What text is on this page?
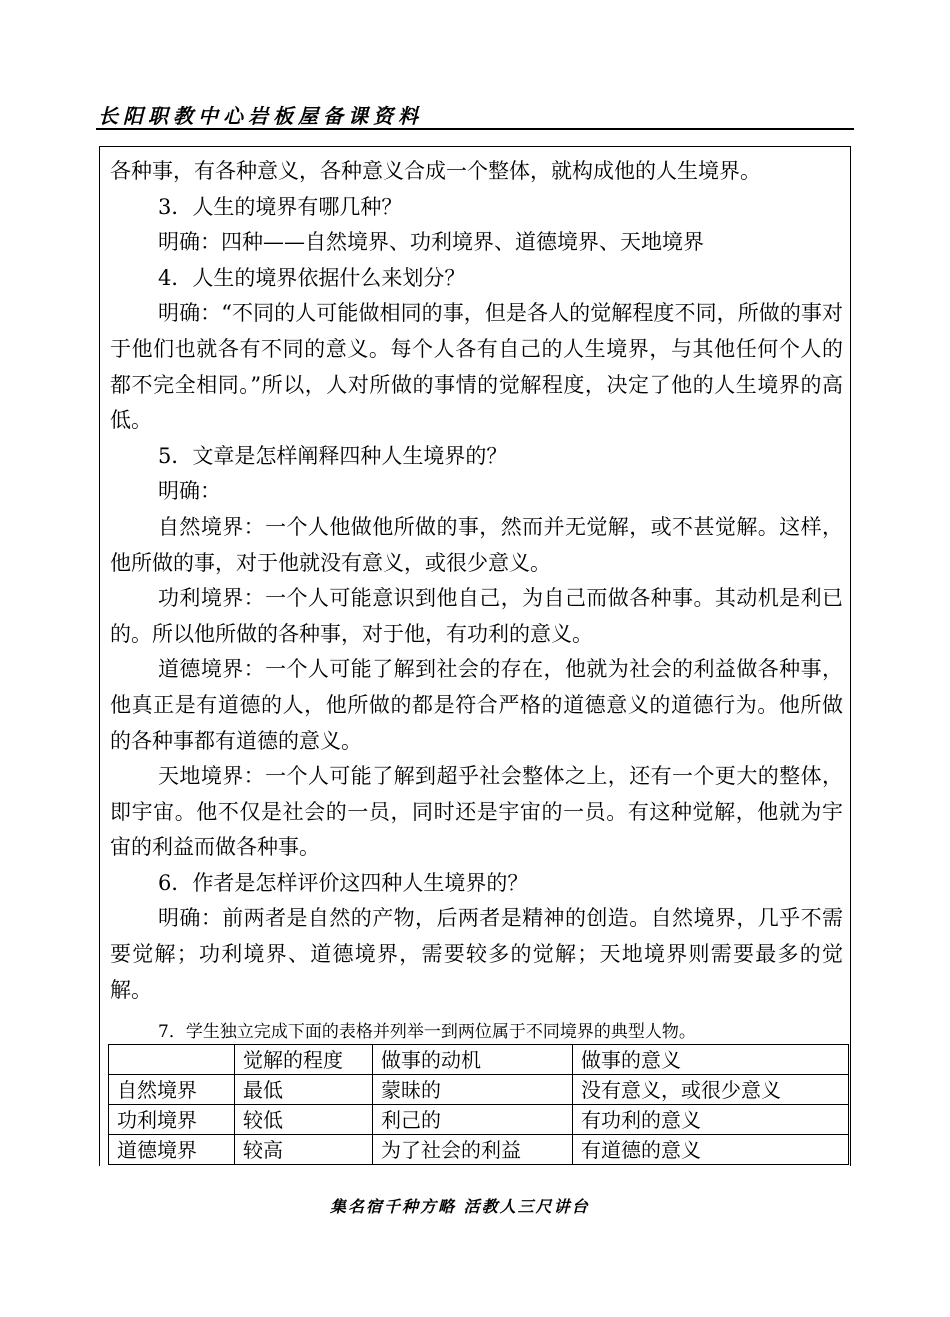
长阳职教中心岩板屋备课资料

各种事，有各种意义，各种意义合成一个整体，就构成他的人生境界。

3．人生的境界有哪几种？

明确：四种——自然境界、功利境界、道德境界、天地境界

4．人生的境界依据什么来划分？

明确：“不同的人可能做相同的事，但是各人的觉解程度不同，所做的事对于他们也就各有不同的意义。每个人各有自己的人生境界，与其他任何个人的都不完全相同。”所以，人对所做的事情的觉解程度，决定了他的人生境界的高低。

5．文章是怎样阐释四种人生境界的？

明确：

自然境界：一个人他做他所做的事，然而并无觉解，或不甚觉解。这样，他所做的事，对于他就没有意义，或很少意义。

功利境界：一个人可能意识到他自己，为自己而做各种事。其动机是利已的。所以他所做的各种事，对于他，有功利的意义。

道德境界：一个人可能了解到社会的存在，他就为社会的利益做各种事，他真正是有道德的人，他所做的都是符合严格的道德意义的道德行为。他所做的各种事都有道德的意义。

天地境界：一个人可能了解到超乎社会整体之上，还有一个更大的整体，即宇宙。他不仅是社会的一员，同时还是宇宙的一员。有这种觉解，他就为宇宙的利益而做各种事。

6．作者是怎样评价这四种人生境界的？

明确：前两者是自然的产物，后两者是精神的创造。自然境界，几乎不需要觉解；功利境界、道德境界，需要较多的觉解；天地境界则需要最多的觉解。

7．学生独立完成下面的表格并列举一到两位属于不同境界的典型人物。
	觉解的程度	做事的动机	做事的意义
自然境界	最低	蒙昧的	没有意义，或很少意义
功利境界	较低	利己的	有功利的意义
道德境界	较高	为了社会的利益	有道德的意义
集名宿千种方略 活教人三尺讲台
